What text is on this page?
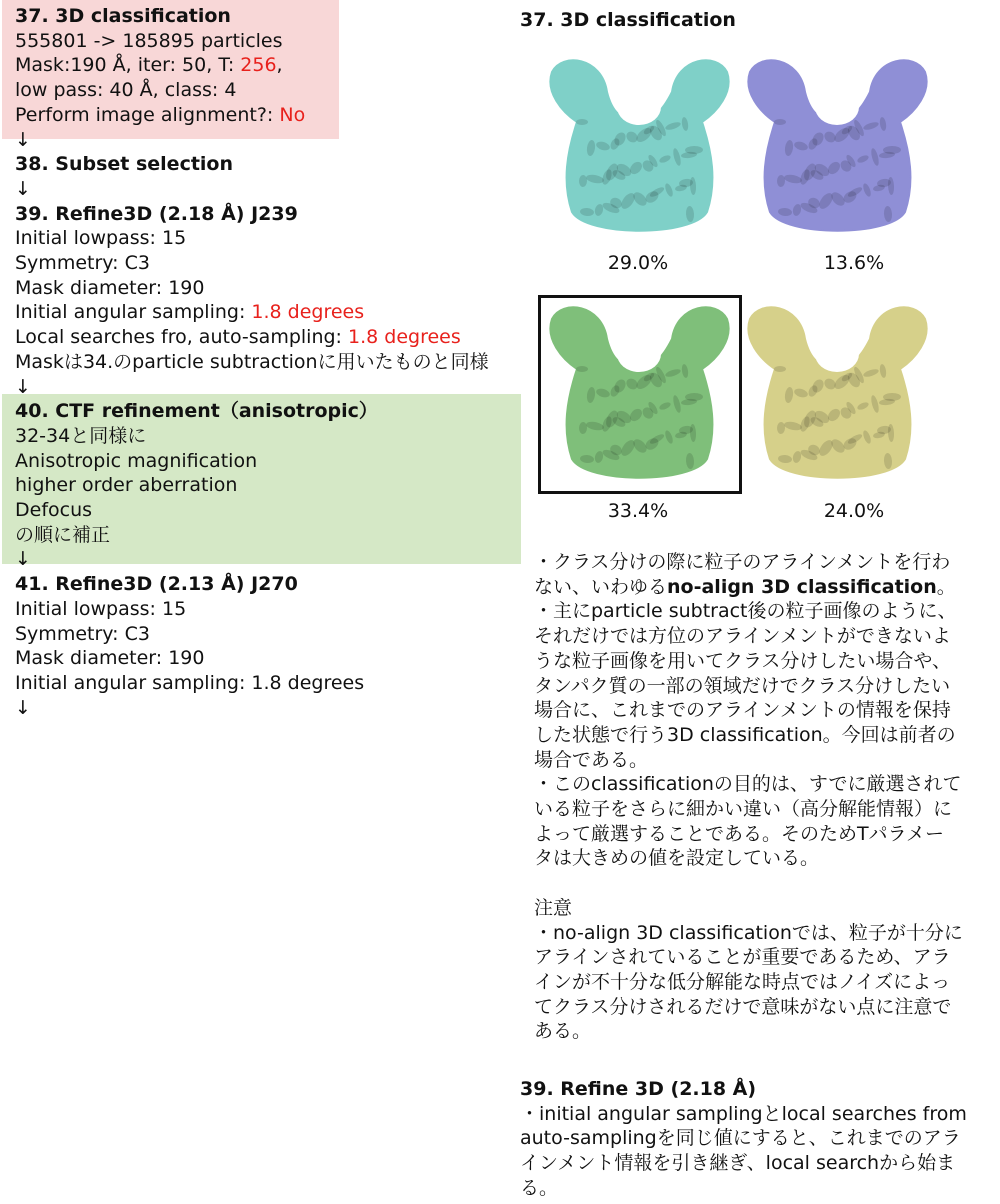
37. 3D classification
555801 -> 185895 particles
Mask:190 Å, iter: 50, T: 256,
low pass: 40 Å, class: 4
Perform image alignment?: No
↓
38. Subset selection
↓
39. Refine3D (2.18 Å) J239
Initial lowpass: 15
Symmetry: C3
Mask diameter: 190
Initial angular sampling: 1.8 degrees
Local searches fro, auto-sampling: 1.8 degrees
Maskは34.のparticle subtractionに用いたものと同様
↓
40. CTF refinement（anisotropic）
32-34と同様に
Anisotropic magnification
higher order aberration
Defocus
の順に補正
↓
41. Refine3D (2.13 Å) J270
Initial lowpass: 15
Symmetry: C3
Mask diameter: 190
Initial angular sampling: 1.8 degrees
↓
37. 3D classification
29.0%	13.6%
33.4%	24.0%
・クラス分けの際に粒子のアラインメントを行わ
ない、いわゆるno-align 3D classification。
・主にparticle subtract後の粒子画像のように、
それだけでは方位のアラインメントができないよ
うな粒子画像を用いてクラス分けしたい場合や、
タンパク質の一部の領域だけでクラス分けしたい
場合に、これまでのアラインメントの情報を保持
した状態で行う3D classification。今回は前者の
場合である。
・このclassificationの目的は、すでに厳選されて
いる粒子をさらに細かい違い（高分解能情報）に
よって厳選することである。そのためTパラメー
タは大きめの値を設定している。
注意
・no-align 3D classificationでは、粒子が十分に
アラインされていることが重要であるため、アラ
インが不十分な低分解能な時点ではノイズによっ
てクラス分けされるだけで意味がない点に注意で
ある。
39. Refine 3D (2.18 Å)
・initial angular samplingとlocal searches from
auto-samplingを同じ値にすると、これまでのアラ
インメント情報を引き継ぎ、local searchから始ま
る。
